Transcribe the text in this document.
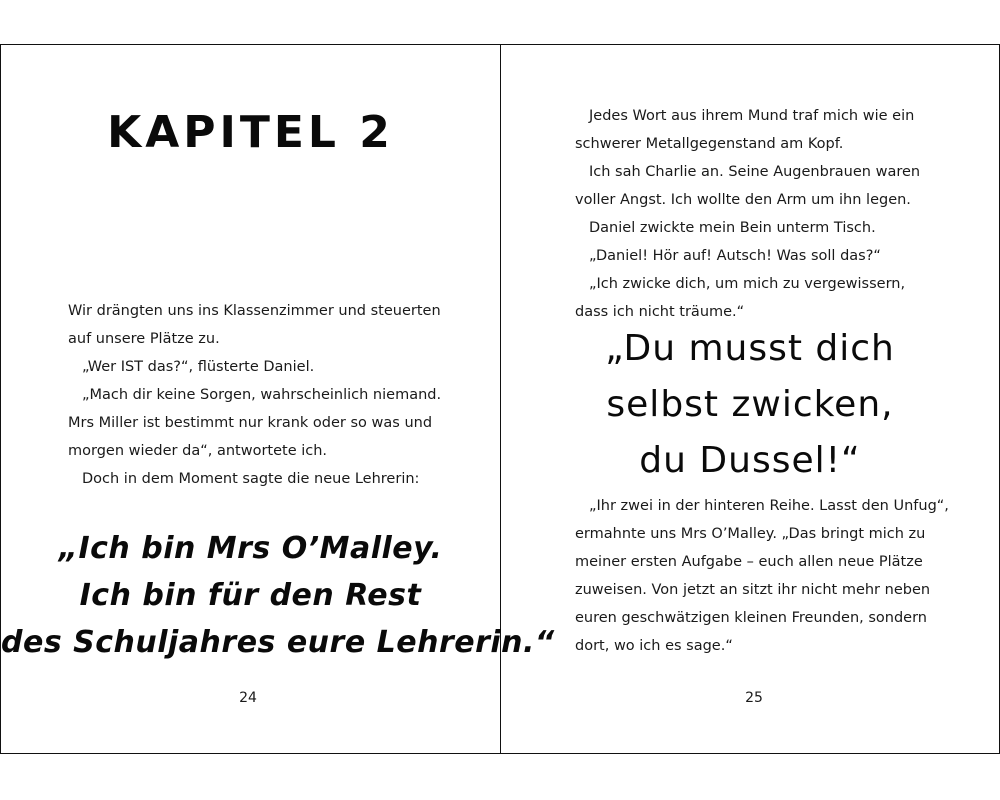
KAPITEL 2

Wir drängten uns ins Klassenzimmer und steuerten

auf unsere Plätze zu.

„Wer IST das?“, flüsterte Daniel.

„Mach dir keine Sorgen, wahrscheinlich niemand.

Mrs Miller ist bestimmt nur krank oder so was und

morgen wieder da“, antwortete ich.

Doch in dem Moment sagte die neue Lehrerin:

„Ich bin Mrs O’Malley.

Ich bin für den Rest

des Schuljahres eure Lehrerin.“

24

Jedes Wort aus ihrem Mund traf mich wie ein

schwerer Metallgegenstand am Kopf.

Ich sah Charlie an. Seine Augenbrauen waren

voller Angst. Ich wollte den Arm um ihn legen.

Daniel zwickte mein Bein unterm Tisch.

„Daniel! Hör auf! Autsch! Was soll das?“

„Ich zwicke dich, um mich zu vergewissern,

dass ich nicht träume.“

„Du musst dich

selbst zwicken,

du Dussel!“

„Ihr zwei in der hinteren Reihe. Lasst den Unfug“,

ermahnte uns Mrs O’Malley. „Das bringt mich zu

meiner ersten Aufgabe – euch allen neue Plätze

zuweisen. Von jetzt an sitzt ihr nicht mehr neben

euren geschwätzigen kleinen Freunden, sondern

dort, wo ich es sage.“

25
